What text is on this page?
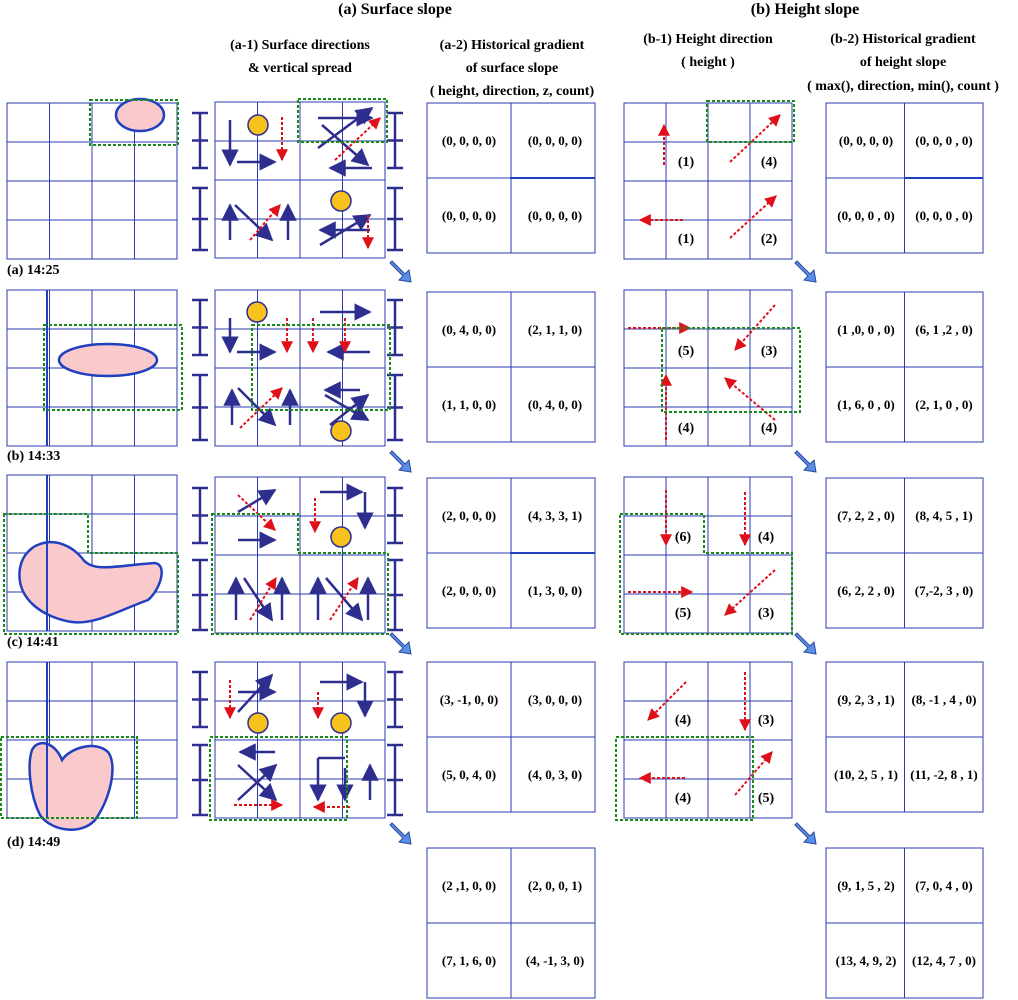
(a) Surface slope	(b) Height slope
(a-1) Surface directions
& vertical spread
(a-2) Historical gradient
of surface slope
( height, direction, z, count)
(b-1) Height direction
( height )
(b-2) Historical gradient
of height slope
( max(), direction, min(), count )
(a) 14:25
(b) 14:33
(c) 14:41
(d) 14:49
(0, 0, 0, 0) (0, 0, 0, 0)
(0, 0, 0, 0) (0, 0, 0, 0)
(0, 4, 0, 0) (2, 1, 1, 0)
(1, 1, 0, 0) (0, 4, 0, 0)
(2, 0, 0, 0) (4, 3, 3, 1)
(2, 0, 0, 0) (1, 3, 0, 0)
(3, -1, 0, 0) (3, 0, 0, 0)
(5, 0, 4, 0) (4, 0, 3, 0)
(2 ,1, 0, 0) (2, 0, 0, 1)
(7, 1, 6, 0) (4, -1, 3, 0)
(1)	(4)
(1)	(2)
(5)	(3)
(4)	(4)
(6)	(4)
(5)	(3)
(4)	(3)
(4)	(5)
(0, 0, 0, 0) (0, 0, 0 , 0)
(0, 0, 0 , 0) (0, 0, 0 , 0)
(1 ,0, 0 , 0) (6, 1 ,2 , 0)
(1, 6, 0 , 0) (2, 1, 0 , 0)
(7, 2, 2 , 0) (8, 4, 5 , 1)
(6, 2, 2 , 0) (7,-2, 3 , 0)
(9, 2, 3 , 1) (8, -1 , 4 , 0)
(10, 2, 5 , 1) (11, -2, 8 , 1)
(9, 1, 5 , 2) (7, 0, 4 , 0)
(13, 4, 9, 2) (12, 4, 7 , 0)
